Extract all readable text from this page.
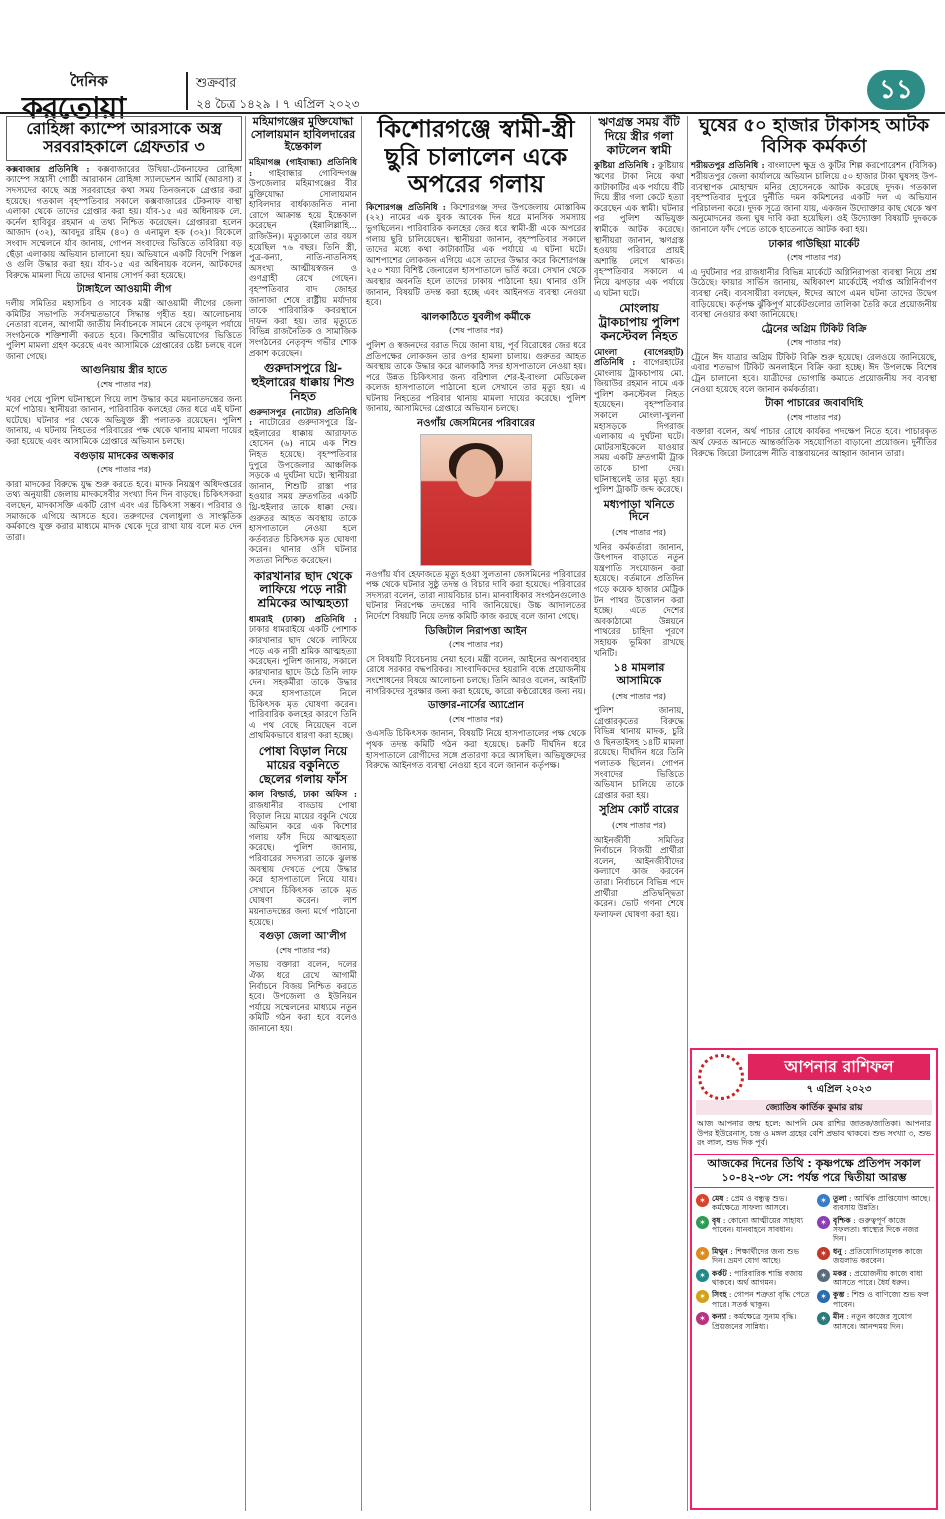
দৈনিক
করতোয়া
শুক্রবার
২৪ চৈত্র ১৪২৯ । ৭ এপ্রিল ২০২৩	১১
রোহিঙ্গা ক্যাম্পে আরসাকে অস্ত্র সরবরাহকালে গ্রেফতার ৩

কক্সবাজার প্রতিনিধি : কক্সবাজারের উখিয়া-টেকনাফের রোহিঙ্গা ক্যাম্পে সন্ত্রাসী গোষ্ঠী আরাকান রোহিঙ্গা স্যালভেশন আর্মি (আরসা) র সদস্যদের কাছে অস্ত্র সরবরাহের কথা সময় তিনজনকে গ্রেপ্তার করা হয়েছে। গতকাল বৃহস্পতিবার সকালে কক্সবাজারের টেকনাফ বাস্থা এলাকা থেকে তাদের গ্রেপ্তার করা হয়। র্যাব-১৫ এর অধিনায়ক লে. কর্নেল হাবিবুর রহমান এ তথ্য নিশ্চিত করেছেন। গ্রেপ্তাররা হলেন আজাদ (৩২), আবদুর রহিম (৪০) ও এনামুল হক (৩২)। বিকেলে সংবাদ সম্মেলনে র্যাব জানায়, গোপন সংবাদের ভিত্তিতে তবিরিয়া বড় ছেঁড়া এলাকায় অভিযান চালানো হয়। অভিযানে একটি বিদেশি পিস্তল ও গুলি উদ্ধার করা হয়। র্যাব-১৫ এর অধিনায়ক বলেন, আটকদের বিরুদ্ধে মামলা দিয়ে তাদের থানায় সোপর্দ করা হয়েছে।

টাঙ্গাইলে আওয়ামী লীগ

দলীয় সমিতির মহাসচিব ও সাবেক মন্ত্রী আওয়ামী লীগের জেলা কমিটির সভাপতি সর্বসম্মতভাবে সিদ্ধান্ত গৃহীত হয়। আলোচনায় নেতারা বলেন, আগামী জাতীয় নির্বাচনকে সামনে রেখে তৃণমূল পর্যায়ে সংগঠনকে শক্তিশালী করতে হবে। কিশোরীর অভিযোগের ভিত্তিতে পুলিশ মামলা গ্রহণ করেছে এবং আসামিকে গ্রেপ্তারের চেষ্টা চলছে বলে জানা গেছে।

আগুনিয়ায় স্ত্রীর হাতে
(শেষ পাতার পর)

খবর পেয়ে পুলিশ ঘটনাস্থলে গিয়ে লাশ উদ্ধার করে ময়নাতদন্তের জন্য মর্গে পাঠায়। স্থানীয়রা জানান, পারিবারিক কলহের জের ধরে এই ঘটনা ঘটেছে। ঘটনার পর থেকে অভিযুক্ত স্ত্রী পলাতক রয়েছেন। পুলিশ জানায়, এ ঘটনায় নিহতের পরিবারের পক্ষ থেকে থানায় মামলা দায়ের করা হয়েছে এবং আসামিকে গ্রেপ্তারে অভিযান চলছে।

বগুড়ায় মাদকের অন্ধকার
(শেষ পাতার পর)

কারা মাদকের বিরুদ্ধে যুদ্ধ শুরু করতে হবে। মাদক নিয়ন্ত্রণ অধিদপ্তরের তথ্য অনুযায়ী জেলায় মাদকসেবীর সংখ্যা দিন দিন বাড়ছে। চিকিৎসকরা বলছেন, মাদকাসক্তি একটি রোগ এবং এর চিকিৎসা সম্ভব। পরিবার ও সমাজকে এগিয়ে আসতে হবে। তরুণদের খেলাধুলা ও সাংস্কৃতিক কর্মকাণ্ডে যুক্ত করার মাধ্যমে মাদক থেকে দূরে রাখা যায় বলে মত দেন তারা।

মহিমাগঞ্জের মুক্তিযোদ্ধা সোলায়মান হাবিলদারের ইন্তেকাল

মহিমাগঞ্জ (গাইবান্ধা) প্রতিনিধি : গাইবান্ধার গোবিন্দগঞ্জ উপজেলার মহিমাগঞ্জের বীর মুক্তিযোদ্ধা সোলায়মান হাবিলদার বার্ধক্যজনিত নানা রোগে আক্রান্ত হয়ে ইন্তেকাল করেছেন (ইন্নালিল্লাহি... রাজিউন)। মৃত্যুকালে তার বয়স হয়েছিল ৭৬ বছর। তিনি স্ত্রী, পুত্র-কন্যা, নাতি-নাতনিসহ অসংখ্য আত্মীয়স্বজন ও গুণগ্রাহী রেখে গেছেন। বৃহস্পতিবার বাদ জোহর জানাজা শেষে রাষ্ট্রীয় মর্যাদায় তাকে পারিবারিক কবরস্থানে দাফন করা হয়। তার মৃত্যুতে বিভিন্ন রাজনৈতিক ও সামাজিক সংগঠনের নেতৃবৃন্দ গভীর শোক প্রকাশ করেছেন।

গুরুদাসপুরে থ্রি-হুইলারের ধাক্কায় শিশু নিহত

গুরুদাসপুর (নাটোর) প্রতিনিধি : নাটোরের গুরুদাসপুরে থ্রি-হুইলারের ধাক্কায় আরাফাত হোসেন (৬) নামে এক শিশু নিহত হয়েছে। বৃহস্পতিবার দুপুরে উপজেলার আঞ্চলিক সড়কে এ দুর্ঘটনা ঘটে। স্থানীয়রা জানান, শিশুটি রাস্তা পার হওয়ার সময় দ্রুতগতির একটি থ্রি-হুইলার তাকে ধাক্কা দেয়। গুরুতর আহত অবস্থায় তাকে হাসপাতালে নেওয়া হলে কর্তব্যরত চিকিৎসক মৃত ঘোষণা করেন। থানার ওসি ঘটনার সত্যতা নিশ্চিত করেছেন।

কারখানার ছাদ থেকে লাফিয়ে পড়ে নারী শ্রমিকের আত্মহত্যা

ধামরাই (ঢাকা) প্রতিনিধি : ঢাকার ধামরাইয়ে একটি পোশাক কারখানার ছাদ থেকে লাফিয়ে পড়ে এক নারী শ্রমিক আত্মহত্যা করেছেন। পুলিশ জানায়, সকালে কারখানার ছাদে উঠে তিনি লাফ দেন। সহকর্মীরা তাকে উদ্ধার করে হাসপাতালে নিলে চিকিৎসক মৃত ঘোষণা করেন। পারিবারিক কলহের কারণে তিনি এ পথ বেছে নিয়েছেন বলে প্রাথমিকভাবে ধারণা করা হচ্ছে।

পোষা বিড়াল নিয়ে মায়ের বকুনিতে ছেলের গলায় ফাঁস

কাল বিল্ডার্ড, ঢাকা অফিস : রাজধানীর বাড্ডায় পোষা বিড়াল নিয়ে মায়ের বকুনি খেয়ে অভিমান করে এক কিশোর গলায় ফাঁস দিয়ে আত্মহত্যা করেছে। পুলিশ জানায়, পরিবারের সদস্যরা তাকে ঝুলন্ত অবস্থায় দেখতে পেয়ে উদ্ধার করে হাসপাতালে নিয়ে যায়। সেখানে চিকিৎসক তাকে মৃত ঘোষণা করেন। লাশ ময়নাতদন্তের জন্য মর্গে পাঠানো হয়েছে।

বগুড়া জেলা আ'লীগ
(শেষ পাতার পর)

সভায় বক্তারা বলেন, দলের ঐক্য ধরে রেখে আগামী নির্বাচনে বিজয় নিশ্চিত করতে হবে। উপজেলা ও ইউনিয়ন পর্যায়ে সম্মেলনের মাধ্যমে নতুন কমিটি গঠন করা হবে বলেও জানানো হয়।

কিশোরগঞ্জে স্বামী-স্ত্রী ছুরি চালালেন একে অপরের গলায়

কিশোরগঞ্জ প্রতিনিধি : কিশোরগঞ্জ সদর উপজেলায় মোস্তাকিম (২২) নামের এক যুবক আবেক দিন ধরে মানসিক সমস্যায় ভুগছিলেন। পারিবারিক কলহের জের ধরে স্বামী-স্ত্রী একে অপরের গলায় ছুরি চালিয়েছেন। স্থানীয়রা জানান, বৃহস্পতিবার সকালে তাদের মধ্যে কথা কাটাকাটির এক পর্যায়ে এ ঘটনা ঘটে। আশপাশের লোকজন এগিয়ে এসে তাদের উদ্ধার করে কিশোরগঞ্জ ২৫০ শয্যা বিশিষ্ট জেনারেল হাসপাতালে ভর্তি করে। সেখান থেকে অবস্থার অবনতি হলে তাদের ঢাকায় পাঠানো হয়। থানার ওসি জানান, বিষয়টি তদন্ত করা হচ্ছে এবং আইনগত ব্যবস্থা নেওয়া হবে।

ঝালকাঠিতে যুবলীগ কর্মীকে
(শেষ পাতার পর)

পুলিশ ও স্বজনদের বরাত দিয়ে জানা যায়, পূর্ব বিরোধের জের ধরে প্রতিপক্ষের লোকজন তার ওপর হামলা চালায়। গুরুতর আহত অবস্থায় তাকে উদ্ধার করে ঝালকাঠি সদর হাসপাতালে নেওয়া হয়। পরে উন্নত চিকিৎসার জন্য বরিশাল শের-ই-বাংলা মেডিকেল কলেজ হাসপাতালে পাঠানো হলে সেখানে তার মৃত্যু হয়। এ ঘটনায় নিহতের পরিবার থানায় মামলা দায়ের করেছে। পুলিশ জানায়, আসামিদের গ্রেপ্তারে অভিযান চলছে।

নওগাঁয় জেসমিনের পরিবারের

নওগাঁয় র্যাব হেফাজতে মৃত্যু হওয়া সুলতানা জেসমিনের পরিবারের পক্ষ থেকে ঘটনার সুষ্ঠু তদন্ত ও বিচার দাবি করা হয়েছে। পরিবারের সদস্যরা বলেন, তারা ন্যায়বিচার চান। মানবাধিকার সংগঠনগুলোও ঘটনার নিরপেক্ষ তদন্তের দাবি জানিয়েছে। উচ্চ আদালতের নির্দেশে বিষয়টি নিয়ে তদন্ত কমিটি কাজ করছে বলে জানা গেছে।

ডিজিটাল নিরাপত্তা আইন
(শেষ পাতার পর)

সে বিষয়টি বিবেচনায় নেয়া হবে। মন্ত্রী বলেন, আইনের অপব্যবহার রোধে সরকার বদ্ধপরিকর। সাংবাদিকদের হয়রানি বন্ধে প্রয়োজনীয় সংশোধনের বিষয়ে আলোচনা চলছে। তিনি আরও বলেন, আইনটি নাগরিকদের সুরক্ষার জন্য করা হয়েছে, কারো কণ্ঠরোধের জন্য নয়।

ডাক্তার-নার্সের অ্যাপ্রোন
(শেষ পাতার পর)

ওএসডি চিকিৎসক জানান, বিষয়টি নিয়ে হাসপাতালের পক্ষ থেকে পৃথক তদন্ত কমিটি গঠন করা হয়েছে। চক্রটি দীর্ঘদিন ধরে হাসপাতালে রোগীদের সঙ্গে প্রতারণা করে আসছিল। অভিযুক্তদের বিরুদ্ধে আইনগত ব্যবস্থা নেওয়া হবে বলে জানান কর্তৃপক্ষ।

ঋণগ্রস্ত সময় বঁটি দিয়ে স্ত্রীর গলা কাটলেন স্বামী

কুষ্টিয়া প্রতিনিধি : কুষ্টিয়ায় ঋণের টাকা নিয়ে কথা কাটাকাটির এক পর্যায়ে বঁটি দিয়ে স্ত্রীর গলা কেটে হত্যা করেছেন এক স্বামী। ঘটনার পর পুলিশ অভিযুক্ত স্বামীকে আটক করেছে। স্থানীয়রা জানান, ঋণগ্রস্ত হওয়ায় পরিবারে প্রায়ই অশান্তি লেগে থাকত। বৃহস্পতিবার সকালে এ নিয়ে ঝগড়ার এক পর্যায়ে এ ঘটনা ঘটে।

মোংলায় ট্রাকচাপায় পুলিশ কনস্টেবল নিহত

মোংলা (বাগেরহাট) প্রতিনিধি : বাগেরহাটের মোংলায় ট্রাকচাপায় মো. জিয়াউর রহমান নামে এক পুলিশ কনস্টেবল নিহত হয়েছেন। বৃহস্পতিবার সকালে মোংলা-খুলনা মহাসড়কে দিগরাজ এলাকায় এ দুর্ঘটনা ঘটে। মোটরসাইকেলে যাওয়ার সময় একটি দ্রুতগামী ট্রাক তাকে চাপা দেয়। ঘটনাস্থলেই তার মৃত্যু হয়। পুলিশ ট্রাকটি জব্দ করেছে।

মধ্যপাড়া খনিতে দিনে
(শেষ পাতার পর)

খনির কর্মকর্তারা জানান, উৎপাদন বাড়াতে নতুন যন্ত্রপাতি সংযোজন করা হয়েছে। বর্তমানে প্রতিদিন গড়ে কয়েক হাজার মেট্রিক টন পাথর উত্তোলন করা হচ্ছে। এতে দেশের অবকাঠামো উন্নয়নে পাথরের চাহিদা পূরণে সহায়ক ভূমিকা রাখছে খনিটি।

১৪ মামলার আসামিকে
(শেষ পাতার পর)

পুলিশ জানায়, গ্রেপ্তারকৃতের বিরুদ্ধে বিভিন্ন থানায় মাদক, চুরি ও ছিনতাইসহ ১৪টি মামলা রয়েছে। দীর্ঘদিন ধরে তিনি পলাতক ছিলেন। গোপন সংবাদের ভিত্তিতে অভিযান চালিয়ে তাকে গ্রেপ্তার করা হয়।

সুপ্রিম কোর্ট বারের
(শেষ পাতার পর)

আইনজীবী সমিতির নির্বাচনে বিজয়ী প্রার্থীরা বলেন, আইনজীবীদের কল্যাণে কাজ করবেন তারা। নির্বাচনে বিভিন্ন পদে প্রার্থীরা প্রতিদ্বন্দ্বিতা করেন। ভোট গণনা শেষে ফলাফল ঘোষণা করা হয়।

ঘুষের ৫০ হাজার টাকাসহ আটক বিসিক কর্মকর্তা

শরীয়তপুর প্রতিনিধি : বাংলাদেশ ক্ষুদ্র ও কুটির শিল্প করপোরেশন (বিসিক) শরীয়তপুর জেলা কার্যালয়ে অভিযান চালিয়ে ৫০ হাজার টাকা ঘুষসহ উপ-ব্যবস্থাপক মোহাম্মদ মনির হোসেনকে আটক করেছে দুদক। গতকাল বৃহস্পতিবার দুপুরে দুর্নীতি দমন কমিশনের একটি দল এ অভিযান পরিচালনা করে। দুদক সূত্রে জানা যায়, একজন উদ্যোক্তার কাছ থেকে ঋণ অনুমোদনের জন্য ঘুষ দাবি করা হয়েছিল। ওই উদ্যোক্তা বিষয়টি দুদককে জানালে ফাঁদ পেতে তাকে হাতেনাতে আটক করা হয়।

ঢাকার গাউছিয়া মার্কেট
(শেষ পাতার পর)

এ দুর্ঘটনার পর রাজধানীর বিভিন্ন মার্কেটে অগ্নিনিরাপত্তা ব্যবস্থা নিয়ে প্রশ্ন উঠেছে। ফায়ার সার্ভিস জানায়, অধিকাংশ মার্কেটেই পর্যাপ্ত অগ্নিনির্বাপণ ব্যবস্থা নেই। ব্যবসায়ীরা বলছেন, ঈদের আগে এমন ঘটনা তাদের উদ্বেগ বাড়িয়েছে। কর্তৃপক্ষ ঝুঁকিপূর্ণ মার্কেটগুলোর তালিকা তৈরি করে প্রয়োজনীয় ব্যবস্থা নেওয়ার কথা জানিয়েছে।

ট্রেনের অগ্রিম টিকিট বিক্রি
(শেষ পাতার পর)

ট্রেনে ঈদ যাত্রার অগ্রিম টিকিট বিক্রি শুরু হয়েছে। রেলওয়ে জানিয়েছে, এবার শতভাগ টিকিট অনলাইনে বিক্রি করা হচ্ছে। ঈদ উপলক্ষে বিশেষ ট্রেন চালানো হবে। যাত্রীদের ভোগান্তি কমাতে প্রয়োজনীয় সব ব্যবস্থা নেওয়া হয়েছে বলে জানান কর্মকর্তারা।

টাকা পাচারের জবাবদিহি
(শেষ পাতার পর)

বক্তারা বলেন, অর্থ পাচার রোধে কার্যকর পদক্ষেপ নিতে হবে। পাচারকৃত অর্থ ফেরত আনতে আন্তর্জাতিক সহযোগিতা বাড়ানো প্রয়োজন। দুর্নীতির বিরুদ্ধে জিরো টলারেন্স নীতি বাস্তবায়নের আহ্বান জানান তারা।

আপনার রাশিফল
৭ এপ্রিল ২০২৩
জ্যোতিষ কার্তিক কুমার রায়
আজ আপনার জন্ম হলে: আপনি মেষ রাশির জাতক/জাতিকা। আপনার উপর ইউরেনাস, চন্দ্র ও মঙ্গল গ্রহের বেশি প্রভাব থাকবে। শুভ সংখ্যা ৩, শুভ রং লাল, শুভ দিক পূর্ব।
আজকের দিনের তিথি : কৃষ্ণপক্ষে প্রতিপদ সকাল ১০-৪২-৩৮ সে: পর্যন্ত পরে দ্বিতীয়া আরম্ভ
✶ মেষ : প্রেম ও বন্ধুত্ব শুভ। কর্মক্ষেত্রে সাফল্য আসবে।
✶ তুলা : আর্থিক প্রাপ্তিযোগ আছে। ব্যবসায় উন্নতি।
✶ বৃষ : কোনো আত্মীয়ের সাহায্য পাবেন। যানবাহনে সাবধান।
✶ বৃশ্চিক : গুরুত্বপূর্ণ কাজে সফলতা। স্বাস্থ্যের দিকে নজর দিন।
✶ মিথুন : শিক্ষার্থীদের জন্য শুভ দিন। ভ্রমণ যোগ আছে।
✶ ধনু : প্রতিযোগিতামূলক কাজে জয়লাভ করবেন।
✶ কর্কট : পারিবারিক শান্তি বজায় থাকবে। অর্থ আগমন।
✶ মকর : প্রয়োজনীয় কাজে বাধা আসতে পারে। ধৈর্য ধরুন।
✶ সিংহ : গোপন শত্রুতা বৃদ্ধি পেতে পারে। সতর্ক থাকুন।
✶ কুম্ভ : শিশু ও বাণিজ্যে শুভ ফল পাবেন।
✶ কন্যা : কর্মক্ষেত্রে সুনাম বৃদ্ধি। প্রিয়জনের সান্নিধ্য।
✶ মীন : নতুন কাজের সুযোগ আসবে। আনন্দময় দিন।
